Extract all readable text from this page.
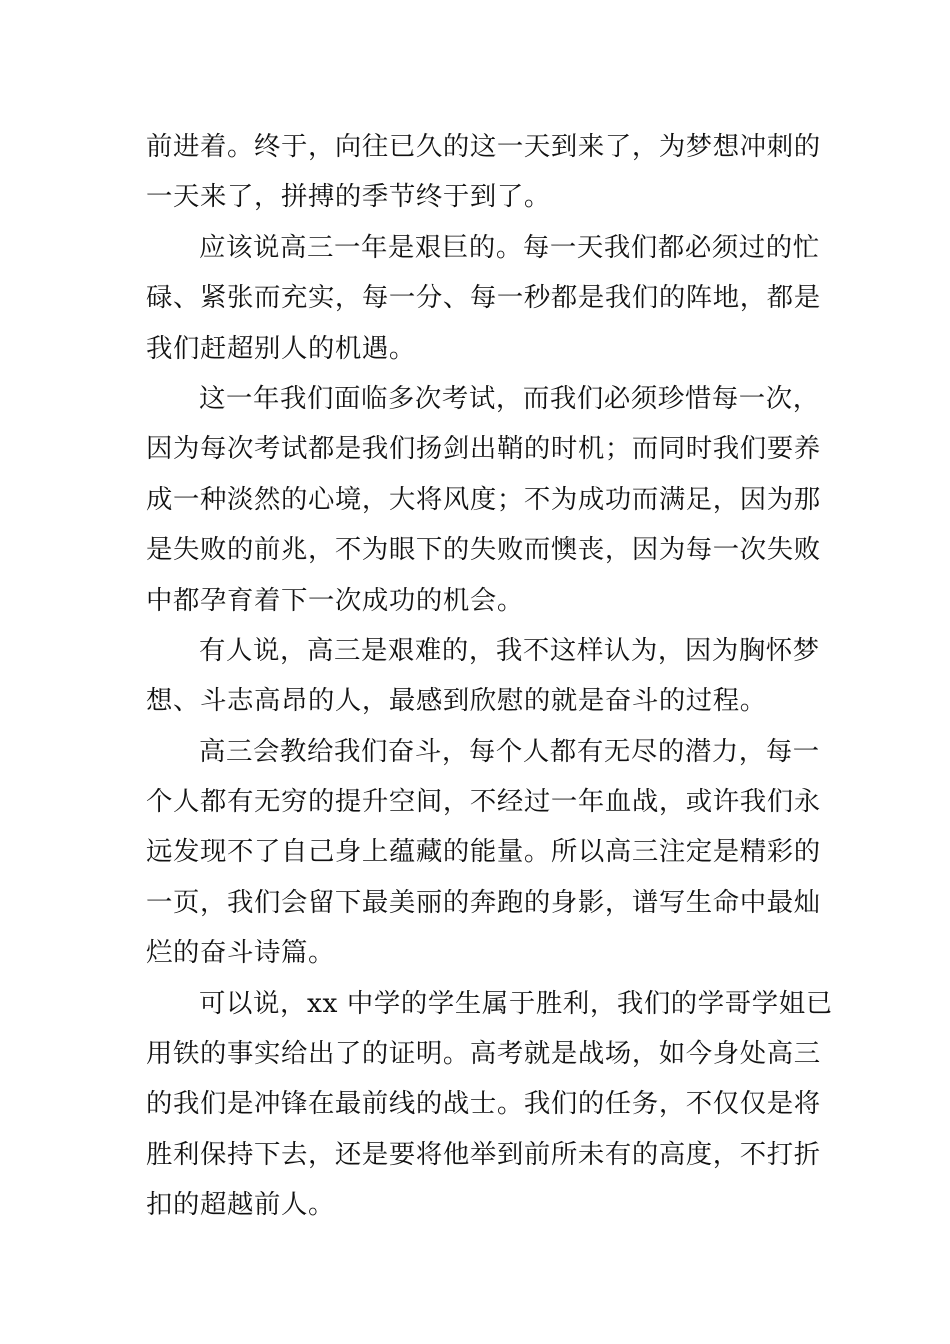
前进着。终于，向往已久的这一天到来了，为梦想冲刺的
一天来了，拼搏的季节终于到了。

应该说高三一年是艰巨的。每一天我们都必须过的忙
碌、紧张而充实，每一分、每一秒都是我们的阵地，都是
我们赶超别人的机遇。

这一年我们面临多次考试，而我们必须珍惜每一次，
因为每次考试都是我们扬剑出鞘的时机；而同时我们要养
成一种淡然的心境，大将风度；不为成功而满足，因为那
是失败的前兆，不为眼下的失败而懊丧，因为每一次失败
中都孕育着下一次成功的机会。

有人说，高三是艰难的，我不这样认为，因为胸怀梦
想、斗志高昂的人，最感到欣慰的就是奋斗的过程。

高三会教给我们奋斗，每个人都有无尽的潜力，每一
个人都有无穷的提升空间，不经过一年血战，或许我们永
远发现不了自己身上蕴藏的能量。所以高三注定是精彩的
一页，我们会留下最美丽的奔跑的身影，谱写生命中最灿
烂的奋斗诗篇。

可以说，xx 中学的学生属于胜利，我们的学哥学姐已
用铁的事实给出了的证明。高考就是战场，如今身处高三
的我们是冲锋在最前线的战士。我们的任务，不仅仅是将
胜利保持下去，还是要将他举到前所未有的高度，不打折
扣的超越前人。
